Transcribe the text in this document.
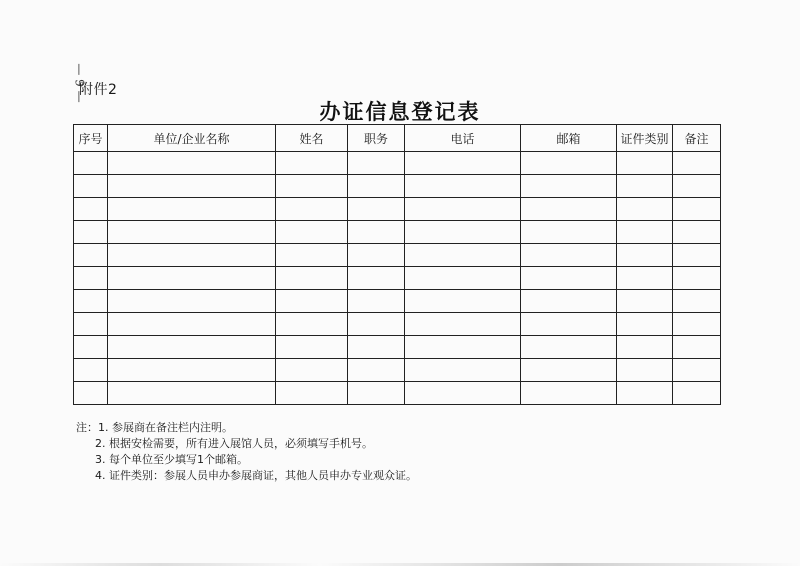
— 9 —
附件2
办证信息登记表
序号	单位/企业名称	姓名	职务	电话	邮箱	证件类别	备注

注：1. 参展商在备注栏内注明。
2. 根据安检需要，所有进入展馆人员，必须填写手机号。
3. 每个单位至少填写1个邮箱。
4. 证件类别：参展人员申办参展商证，其他人员申办专业观众证。
